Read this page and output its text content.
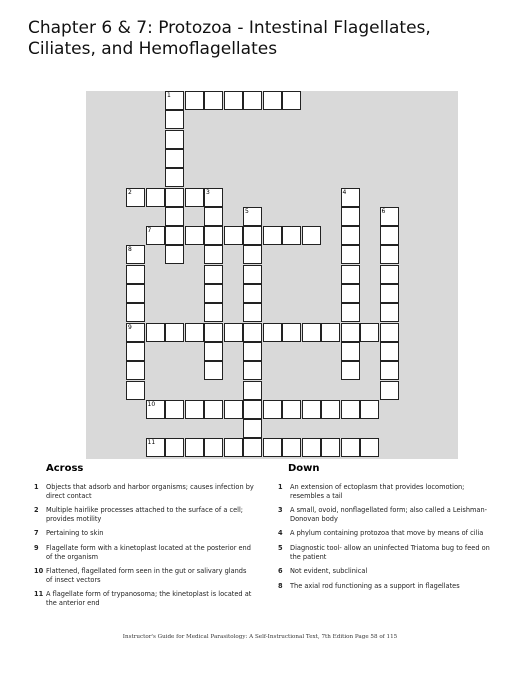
Chapter 6 & 7: Protozoa - Intestinal Flagellates,
Ciliates, and Hemoflagellates
1
2	3	4
5	6
7
8
9
10
11
Across	Down
1 Objects that adsorb and harbor organisms; causes infection by direct contact
2 Multiple hairlike processes attached to the surface of a cell; provides motility
7 Pertaining to skin
9 Flagellate form with a kinetoplast located at the posterior end of the organism
10 Flattened, flagellated form seen in the gut or salivary glands of insect vectors
11 A flagellate form of trypanosoma; the kinetoplast is located at the anterior end
1 An extension of ectoplasm that provides locomotion; resembles a tail
3 A small, ovoid, nonflagellated form; also called a Leishman-Donovan body
4 A phylum containing protozoa that move by means of cilia
5 Diagnostic tool- allow an uninfected Triatoma bug to feed on the patient
6 Not evident, subclinical
8 The axial rod functioning as a support in flagellates
Instructor's Guide for Medical Parasitology: A Self-Instructional Text, 7th Edition Page 58 of 115
